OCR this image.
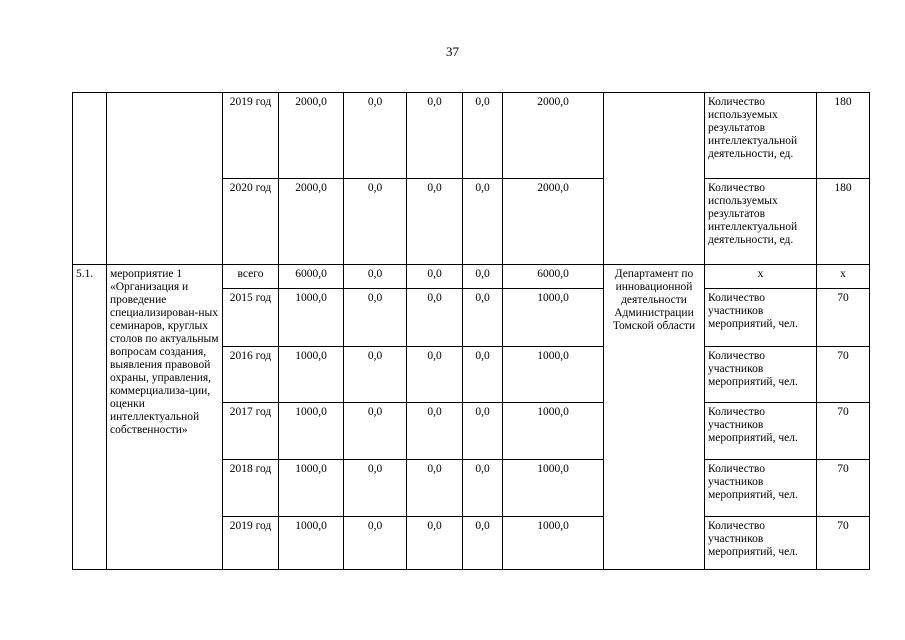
37
		2019 год	2000,0	0,0	0,0	0,0	2000,0		Количество используемых результатов интеллектуальной деятельности, ед.	180
		2020 год	2000,0	0,0	0,0	0,0	2000,0		Количество используемых результатов интеллектуальной деятельности, ед.	180
5.1.	мероприятие 1 «Организация и проведение специализирован-ных семинаров, круглых столов по актуальным вопросам создания, выявления правовой охраны, управления, коммерциализа-ции, оценки интеллектуальной собственности»	всего	6000,0	0,0	0,0	0,0	6000,0	Департамент по инновационной деятельности Администрации Томской области	х	х
		2015 год	1000,0	0,0	0,0	0,0	1000,0		Количество участников мероприятий, чел.	70
		2016 год	1000,0	0,0	0,0	0,0	1000,0		Количество участников мероприятий, чел.	70
		2017 год	1000,0	0,0	0,0	0,0	1000,0		Количество участников мероприятий, чел.	70
		2018 год	1000,0	0,0	0,0	0,0	1000,0		Количество участников мероприятий, чел.	70
		2019 год	1000,0	0,0	0,0	0,0	1000,0		Количество участников мероприятий, чел.	70
